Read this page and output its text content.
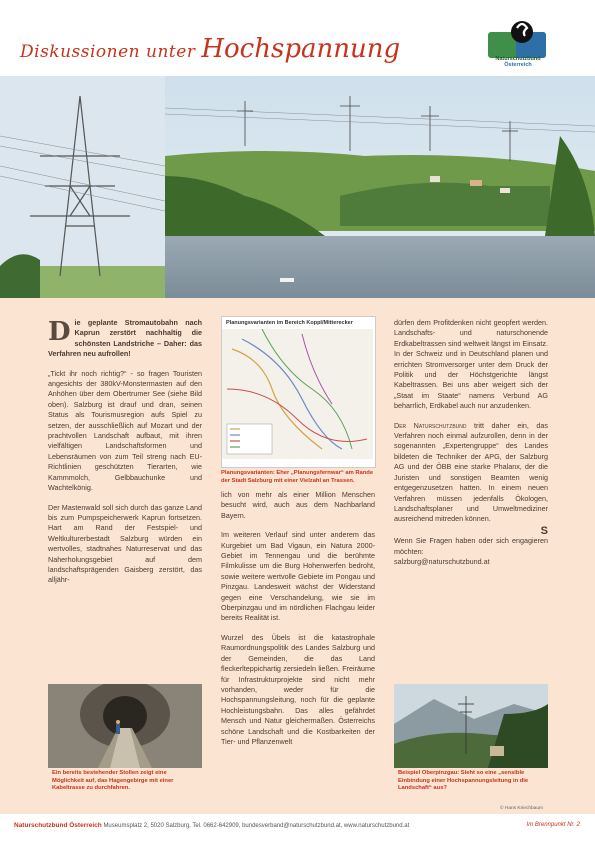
Diskussionen unter Hochspannung	Naturschutzbund
Österreich

Die geplante Stromautobahn nach Kaprun zerstört nachhaltig die schönsten Landstriche – Daher: das Verfahren neu aufrollen!

„Tickt ihr noch richtig?“ - so fragen Touristen angesichts der 380kV-Monstermasten auf den Anhöhen über dem Obertrumer See (siehe Bild oben). Salzburg ist drauf und dran, seinen Status als Tourismusregion aufs Spiel zu setzen, der ausschließlich auf Mozart und der prachtvollen Landschaft aufbaut, mit ihren vielfältigen Landschaftsformen und Lebensräumen von zum Teil streng nach EU-Richtlinien geschützten Tierarten, wie Kammmolch, Gelbbauchunke und Wachtelkönig.

Der Mastenwald soll sich durch das ganze Land bis zum Pumpspeicherwerk Kaprun fortsetzen. Hart am Rand der Festspiel- und Weltkulturerbestadt Salzburg würden ein wertvolles, stadtnahes Naturreservat und das Naherholungsgebiet auf dem landschaftsprägenden Gaisberg zerstört, das alljähr-

Planungsvarianten im Bereich Koppl/Mitterecker
Planungsvarianten: Eher „Planungsfernwar“ am Rande der Stadt Salzburg mit einer Vielzahl an Trassen.

lich von mehr als einer Million Menschen besucht wird, auch aus dem Nachbarland Bayern.

Im weiteren Verlauf sind unter anderem das Kurgebiet um Bad Vigaun, ein Natura 2000-Gebiet im Tennengau und die berühmte Filmkulisse um die Burg Hohenwerfen bedroht, sowie weitere wertvolle Gebiete im Pongau und Pinzgau. Landesweit wächst der Widerstand gegen eine Verschandelung, wie sie im Oberpinzgau und im nördlichen Flachgau leider bereits Realität ist.

Wurzel des Übels ist die katastrophale Raumordnungspolitik des Landes Salzburg und der Gemeinden, die das Land fleckerlteppichartig zersiedeln ließen. Freiräume für Infrastrukturprojekte sind nicht mehr vorhanden, weder für die Hochspannungsleitung, noch für die geplante Hochleistungsbahn. Das alles gefährdet Mensch und Natur gleichermaßen. Österreichs schöne Landschaft und die Kostbarkeiten der Tier- und Pflanzenwelt

dürfen dem Profitdenken nicht geopfert werden. Landschafts- und naturschonende Erdkabeltrassen sind weltweit längst im Einsatz. In der Schweiz und in Deutschland planen und errichten Stromversorger unter dem Druck der Politik und der Höchstgerichte längst Kabeltrassen. Bei uns aber weigert sich der „Staat im Staate“ namens Verbund AG beharrlich, Erdkabel auch nur anzudenken.

Der Naturschutzbund tritt daher ein, das Verfahren noch einmal aufzurollen, denn in der sogenannten „Expertengruppe“ des Landes bildeten die Techniker der APG, der Salzburg AG und der ÖBB eine starke Phalanx, der die Juristen und sonstigen Beamten wenig entgegenzusetzen hatten. In einem neuen Verfahren müssen jedenfalls Ökologen, Landschaftsplaner und Umweltmediziner ausreichend mitreden können.

S

Wenn Sie Fragen haben oder sich engagieren möchten:

salzburg@naturschutzbund.at

Ein bereits bestehender Stollen zeigt eine Möglichkeit auf, das Hagengebirge mit einer Kabeltrasse zu durchfahren.
Beispiel Oberpinzgau: Sieht so eine „sensible Einbindung einer Hochspannungsleitung in die Landschaft“ aus?
© Hans Kriechbaum
Naturschutzbund Österreich Museumsplatz 2, 5020 Salzburg, Tel. 0662-642909, bundesverband@naturschutzbund.at, www.naturschutzbund.at	Im Brennpunkt Nr. 2
